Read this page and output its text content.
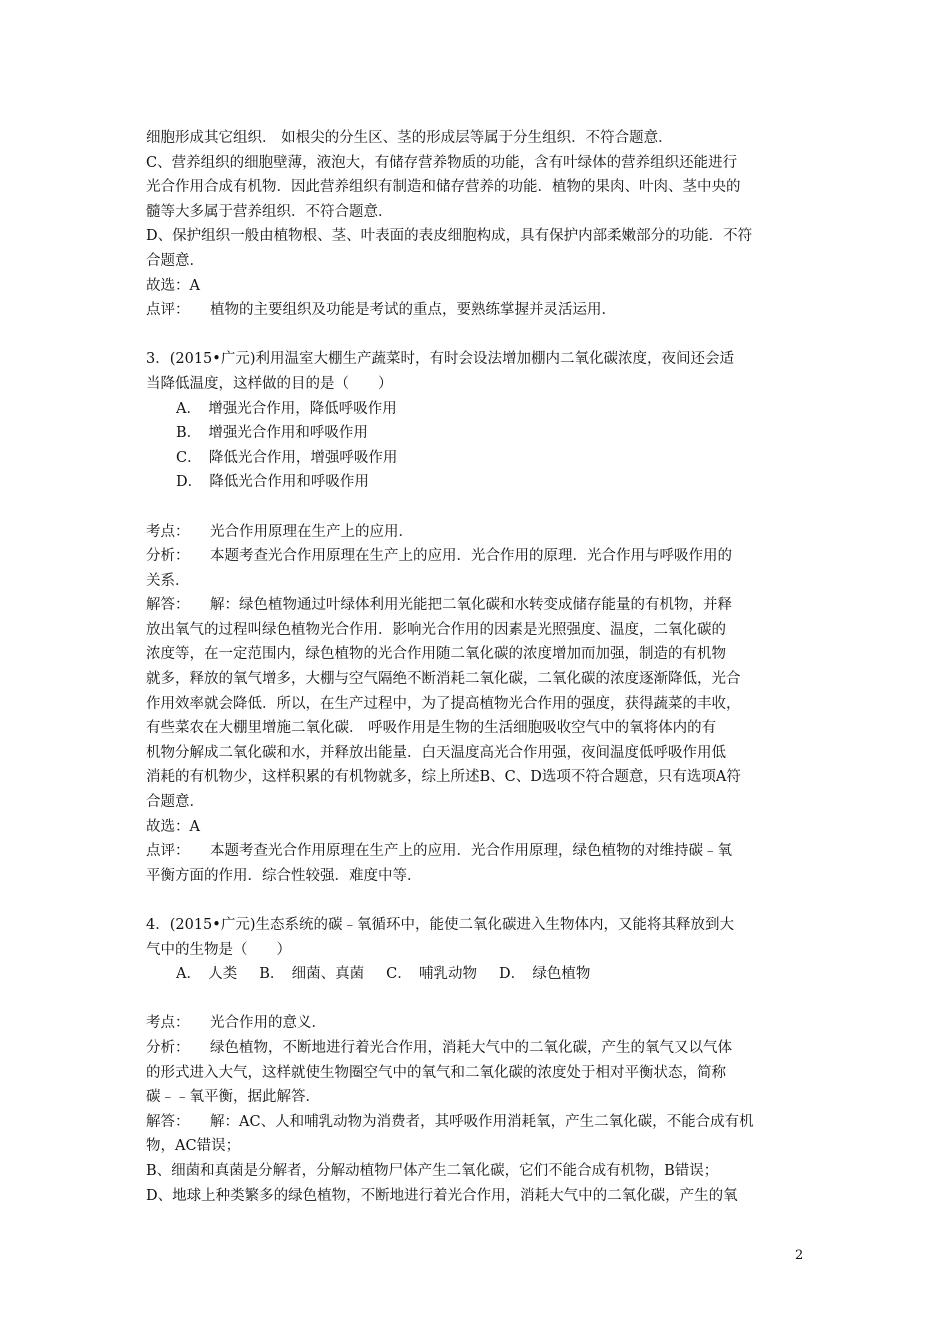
细胞形成其它组织． 如根尖的分生区、茎的形成层等属于分生组织．不符合题意．
C、营养组织的细胞壁薄，液泡大，有储存营养物质的功能，含有叶绿体的营养组织还能进行
光合作用合成有机物．因此营养组织有制造和储存营养的功能．植物的果肉、叶肉、茎中央的
髓等大多属于营养组织．不符合题意．
D、保护组织一般由植物根、茎、叶表面的表皮细胞构成，具有保护内部柔嫩部分的功能．不符
合题意．
故选：A
点评： 植物的主要组织及功能是考试的重点，要熟练掌握并灵活运用．
3．(2015•广元)利用温室大棚生产蔬菜时，有时会设法增加棚内二氧化碳浓度，夜间还会适
当降低温度，这样做的目的是（　　）
A．　增强光合作用，降低呼吸作用
B．　增强光合作用和呼吸作用
C．　降低光合作用，增强呼吸作用
D．　降低光合作用和呼吸作用
考点： 光合作用原理在生产上的应用．
分析： 本题考查光合作用原理在生产上的应用．光合作用的原理．光合作用与呼吸作用的
关系．
解答： 解：绿色植物通过叶绿体利用光能把二氧化碳和水转变成储存能量的有机物，并释
放出氧气的过程叫绿色植物光合作用．影响光合作用的因素是光照强度、温度，二氧化碳的
浓度等，在一定范围内，绿色植物的光合作用随二氧化碳的浓度增加而加强，制造的有机物
就多，释放的氧气增多，大棚与空气隔绝不断消耗二氧化碳，二氧化碳的浓度逐渐降低，光合
作用效率就会降低．所以，在生产过程中，为了提高植物光合作用的强度，获得蔬菜的丰收，
有些菜农在大棚里增施二氧化碳． 呼吸作用是生物的生活细胞吸收空气中的氧将体内的有
机物分解成二氧化碳和水，并释放出能量．白天温度高光合作用强，夜间温度低呼吸作用低
消耗的有机物少，这样积累的有机物就多，综上所述B、C、D选项不符合题意，只有选项A符
合题意．
故选：A
点评： 本题考查光合作用原理在生产上的应用．光合作用原理，绿色植物的对维持碳﹣氧
平衡方面的作用．综合性较强．难度中等．
4．(2015•广元)生态系统的碳﹣氧循环中，能使二氧化碳进入生物体内，又能将其释放到大
气中的生物是（　　）
A．　人类 B．　细菌、真菌 C．　哺乳动物 D．　绿色植物
考点： 光合作用的意义．
分析： 绿色植物，不断地进行着光合作用，消耗大气中的二氧化碳，产生的氧气又以气体
的形式进入大气，这样就使生物圈空气中的氧气和二氧化碳的浓度处于相对平衡状态，简称
碳﹣﹣氧平衡，据此解答．
解答： 解：AC、人和哺乳动物为消费者，其呼吸作用消耗氧，产生二氧化碳，不能合成有机
物，AC错误；
B、细菌和真菌是分解者，分解动植物尸体产生二氧化碳，它们不能合成有机物，B错误；
D、地球上种类繁多的绿色植物，不断地进行着光合作用，消耗大气中的二氧化碳，产生的氧
2
